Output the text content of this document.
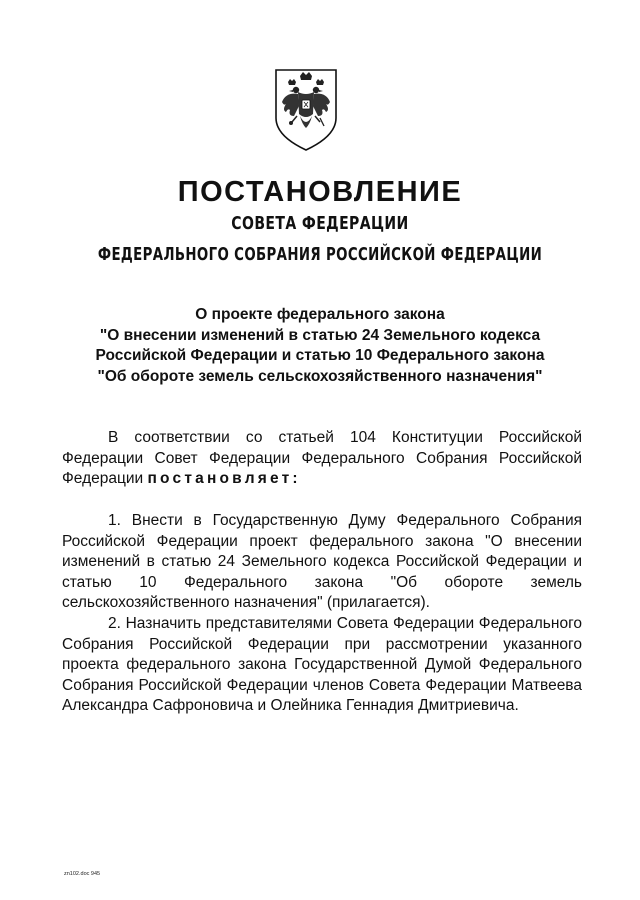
ПОСТАНОВЛЕНИЕ
СОВЕТА ФЕДЕРАЦИИ
ФЕДЕРАЛЬНОГО СОБРАНИЯ РОССИЙСКОЙ ФЕДЕРАЦИИ
О проекте федерального закона
"О внесении изменений в статью 24 Земельного кодекса
Российской Федерации и статью 10 Федерального закона
"Об обороте земель сельскохозяйственного назначения"

В соответствии со статьей 104 Конституции Российской Федерации Совет Федерации Федерального Собрания Российской Федерации постановляет:

1. Внести в Государственную Думу Федерального Собрания Российской Федерации проект федерального закона "О внесении изменений в статью 24 Земельного кодекса Российской Федерации и статью 10 Федерального закона "Об обороте земель сельскохозяйственного назначения" (прилагается).

2. Назначить представителями Совета Федерации Федерального Собрания Российской Федерации при рассмотрении указанного проекта федерального закона Государственной Думой Федерального Собрания Российской Федерации членов Совета Федерации Матвеева Александра Сафроновича и Олейника Геннадия Дмитриевича.

zn102.doc 945
